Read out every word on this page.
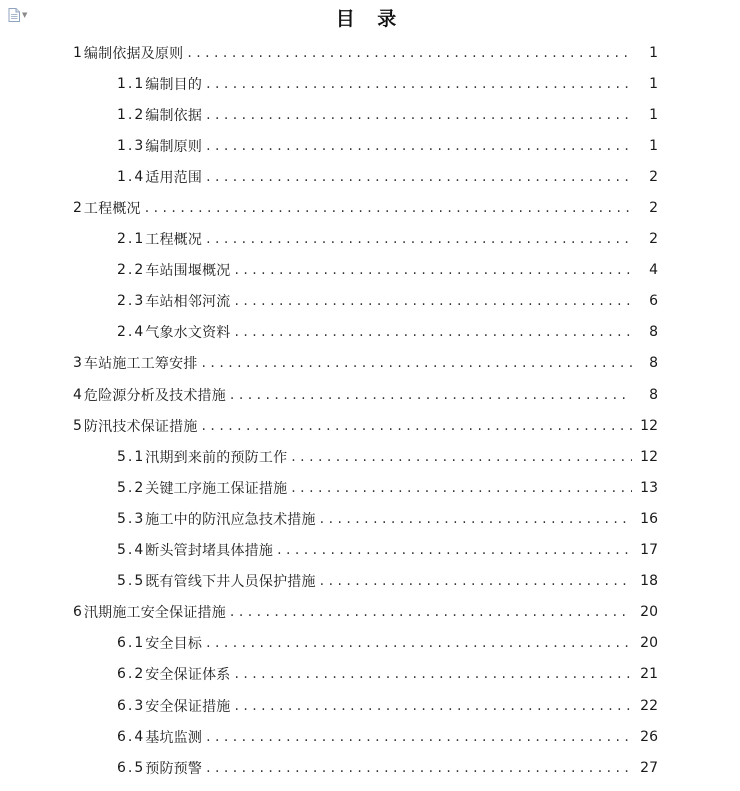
▼	目 录
1 编制依据及原则 . . .	1
1.1 编制目的 . . .	1
1.2 编制依据 . . .	1
1.3 编制原则 . . .	1
1.4 适用范围 . . .	2
2 工程概况 . . .	2
2.1 工程概况 . . .	2
2.2 车站围堰概况 . . .	4
2.3 车站相邻河流 . . .	6
2.4 气象水文资料 . . .	8
3 车站施工工筹安排 . . .	8
4 危险源分析及技术措施 . . .	8
5 防汛技术保证措施 . . .	12
5.1 汛期到来前的预防工作 . . .	12
5.2 关键工序施工保证措施 . . .	13
5.3 施工中的防汛应急技术措施 . . .	16
5.4 断头管封堵具体措施 . . .	17
5.5 既有管线下井人员保护措施 . . .	18
6 汛期施工安全保证措施 . . .	20
6.1 安全目标 . . .	20
6.2 安全保证体系 . . .	21
6.3 安全保证措施 . . .	22
6.4 基坑监测 . . .	26
6.5 预防预警 . . .	27
